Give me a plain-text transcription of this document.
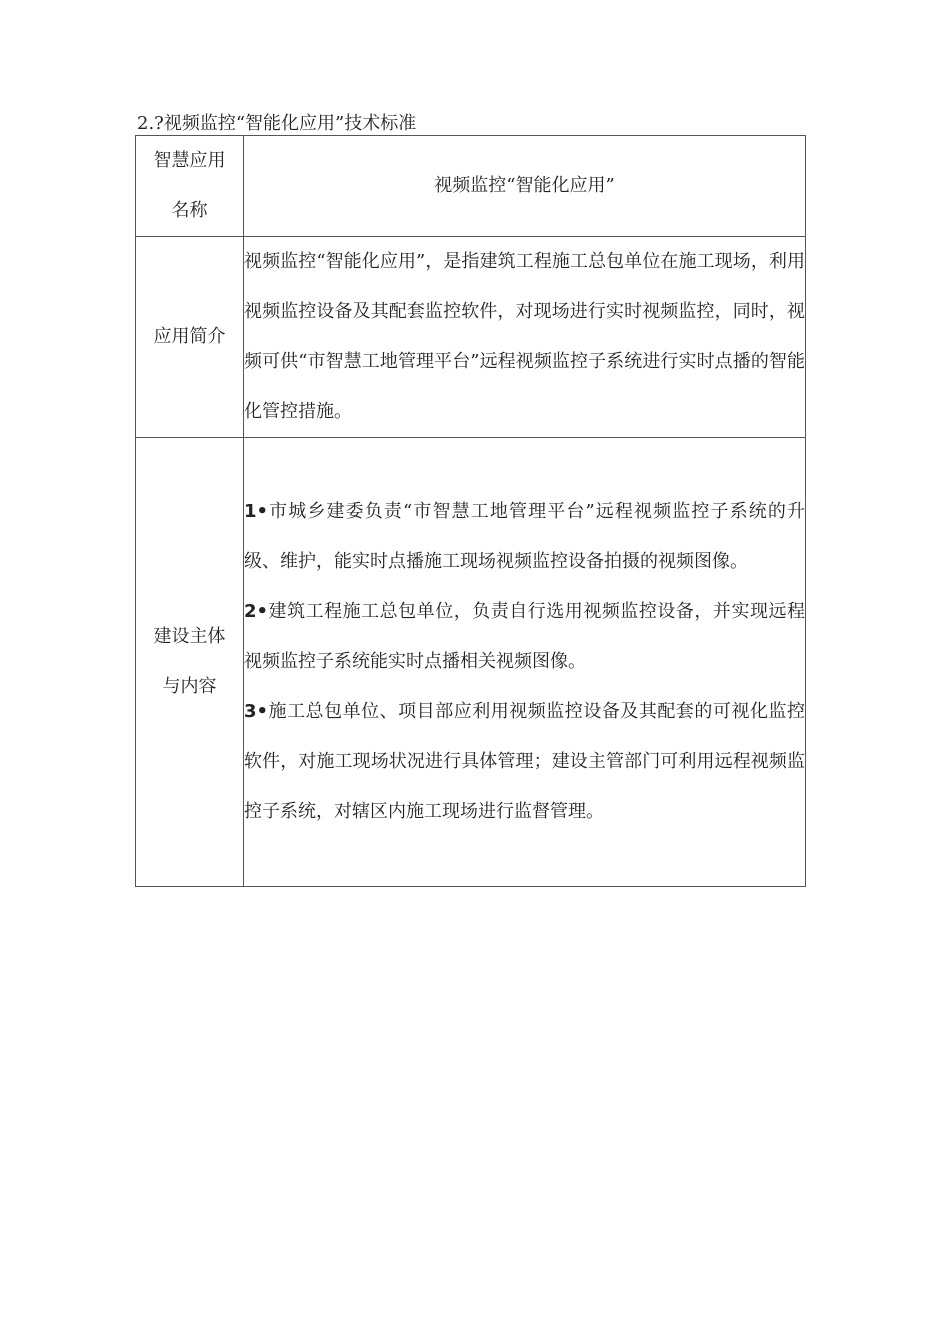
2.?视频监控“智能化应用”技术标准
智慧应用
名称	视频监控“智能化应用”

应用简介	视频监控“智能化应用”，是指建筑工程施工总包单位在施工现场，利用视频监控设备及其配套监控软件，对现场进行实时视频监控，同时，视频可供“市智慧工地管理平台”远程视频监控子系统进行实时点播的智能化管控措施。

建设主体
与内容	1•市城乡建委负责“市智慧工地管理平台”远程视频监控子系统的升级、维护，能实时点播施工现场视频监控设备拍摄的视频图像。
2•建筑工程施工总包单位，负责自行选用视频监控设备，并实现远程视频监控子系统能实时点播相关视频图像。
3•施工总包单位、项目部应利用视频监控设备及其配套的可视化监控软件，对施工现场状况进行具体管理；建设主管部门可利用远程视频监控子系统，对辖区内施工现场进行监督管理。
